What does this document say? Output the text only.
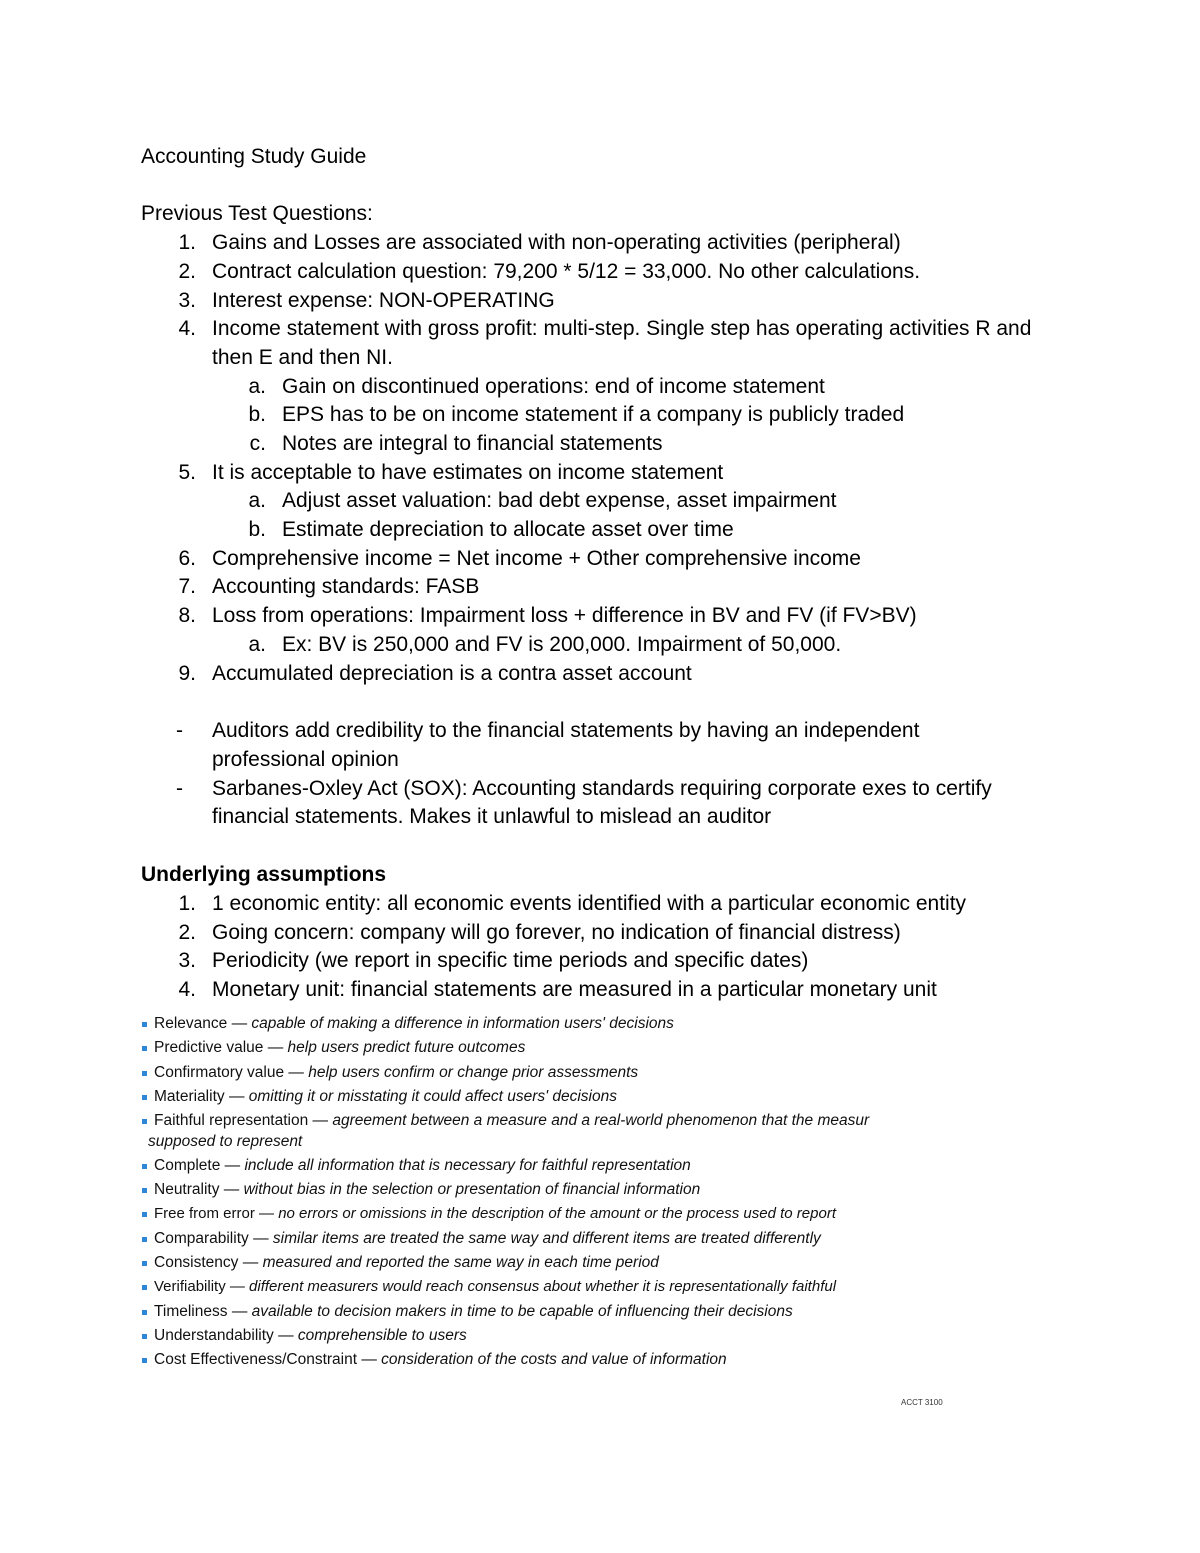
Accounting Study Guide
Previous Test Questions:
1. Gains and Losses are associated with non-operating activities (peripheral)
2. Contract calculation question: 79,200 * 5/12 = 33,000. No other calculations.
3. Interest expense: NON-OPERATING
4. Income statement with gross profit: multi-step. Single step has operating activities R and
then E and then NI.
a. Gain on discontinued operations: end of income statement
b. EPS has to be on income statement if a company is publicly traded
c. Notes are integral to financial statements
5. It is acceptable to have estimates on income statement
a. Adjust asset valuation: bad debt expense, asset impairment
b. Estimate depreciation to allocate asset over time
6. Comprehensive income = Net income + Other comprehensive income
7. Accounting standards: FASB
8. Loss from operations: Impairment loss + difference in BV and FV (if FV>BV)
a. Ex: BV is 250,000 and FV is 200,000. Impairment of 50,000.
9. Accumulated depreciation is a contra asset account
- Auditors add credibility to the financial statements by having an independent
professional opinion
- Sarbanes-Oxley Act (SOX): Accounting standards requiring corporate exes to certify
financial statements. Makes it unlawful to mislead an auditor
Underlying assumptions
1. 1 economic entity: all economic events identified with a particular economic entity
2. Going concern: company will go forever, no indication of financial distress)
3. Periodicity (we report in specific time periods and specific dates)
4. Monetary unit: financial statements are measured in a particular monetary unit
Relevance — capable of making a difference in information users' decisions
Predictive value — help users predict future outcomes
Confirmatory value — help users confirm or change prior assessments
Materiality — omitting it or misstating it could affect users' decisions
Faithful representation — agreement between a measure and a real-world phenomenon that the measur
supposed to represent
Complete — include all information that is necessary for faithful representation
Neutrality — without bias in the selection or presentation of financial information
Free from error — no errors or omissions in the description of the amount or the process used to report
Comparability — similar items are treated the same way and different items are treated differently
Consistency — measured and reported the same way in each time period
Verifiability — different measurers would reach consensus about whether it is representationally faithful
Timeliness — available to decision makers in time to be capable of influencing their decisions
Understandability — comprehensible to users
Cost Effectiveness/Constraint — consideration of the costs and value of information
ACCT 3100
